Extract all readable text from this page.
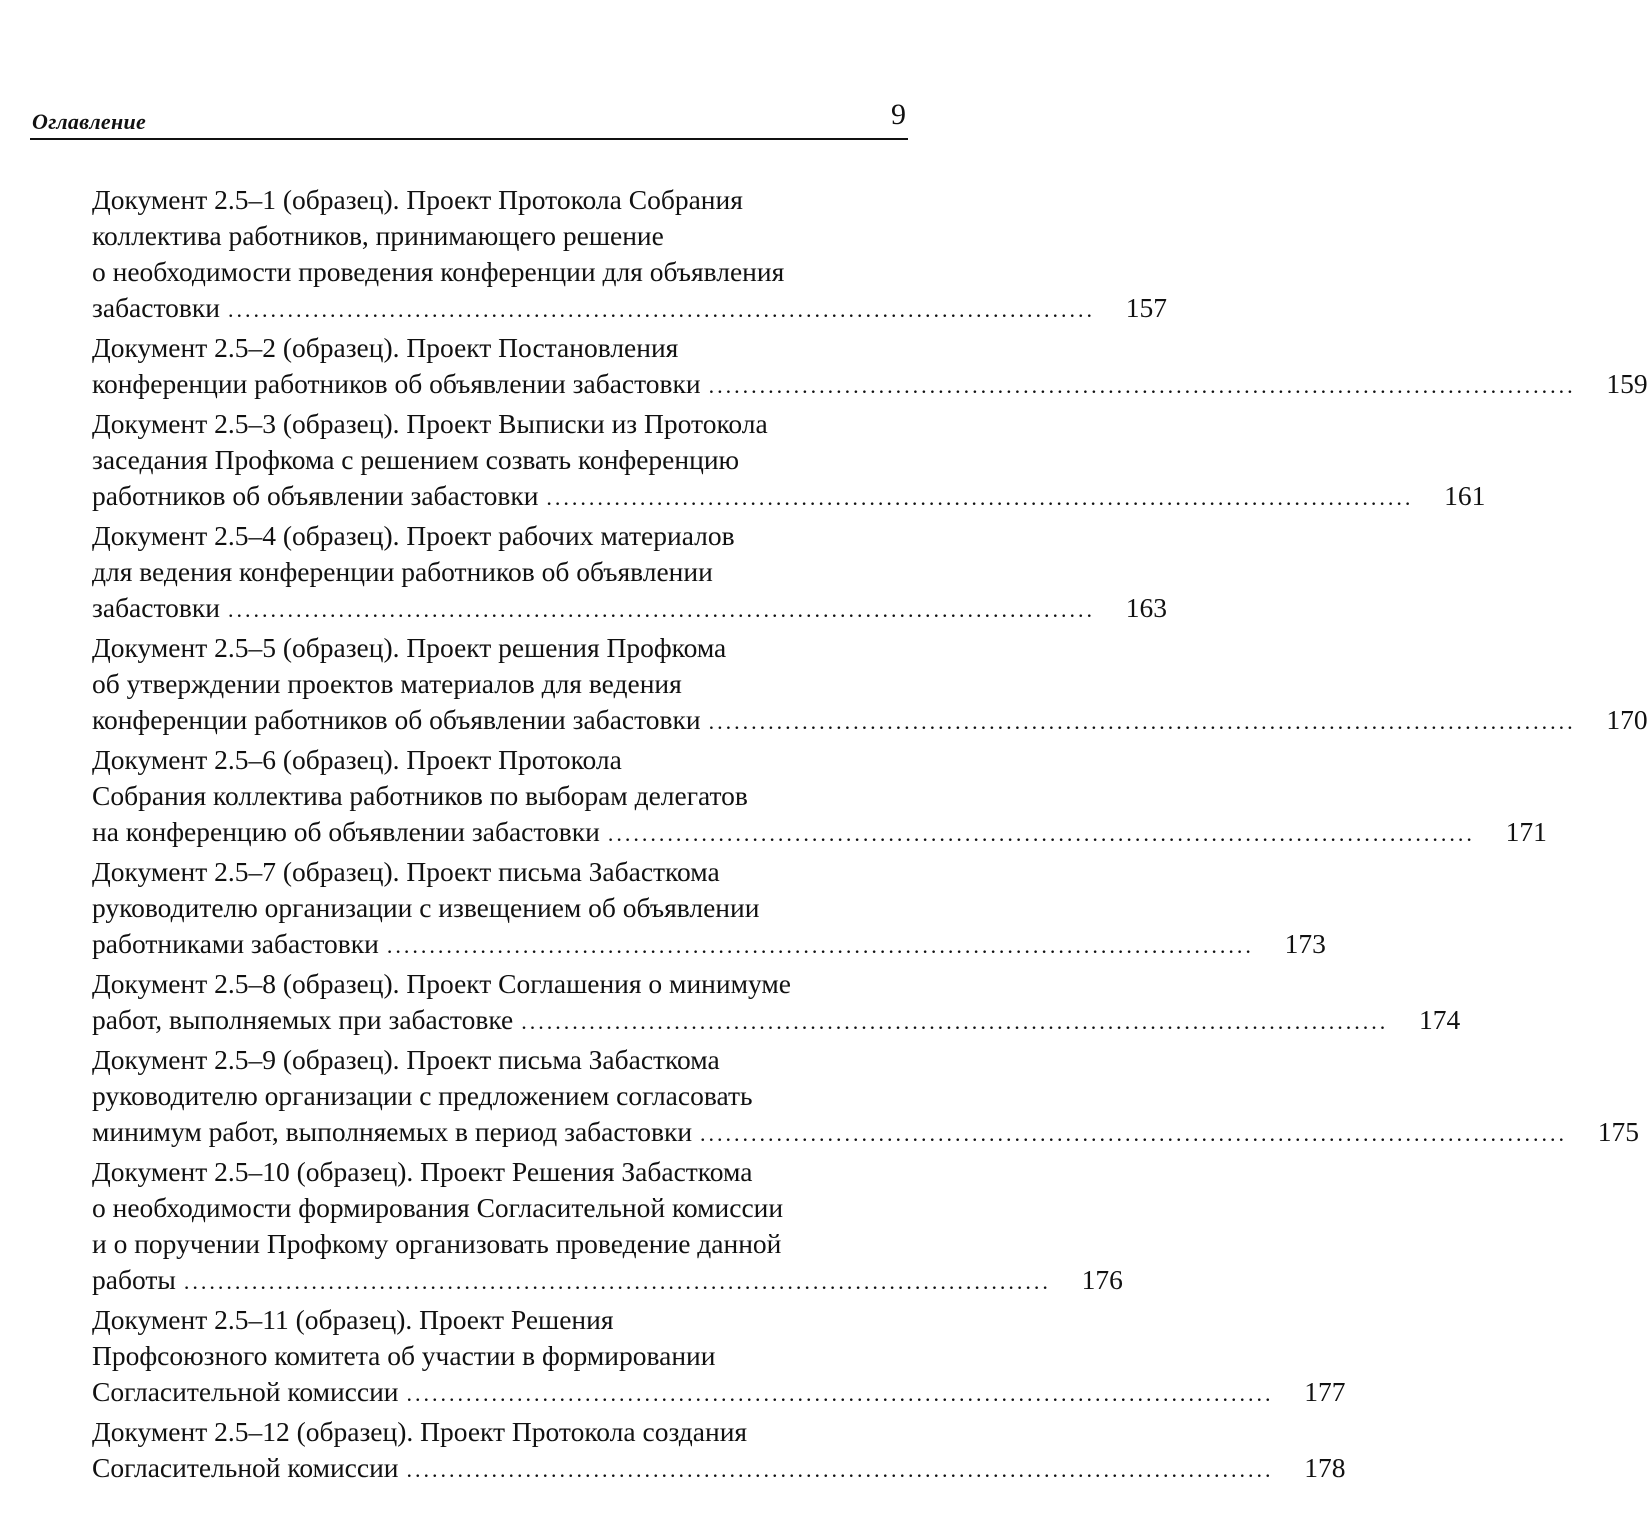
Оглавление	9
Документ 2.5–1 (образец). Проект Протокола Собрания
коллектива работников, принимающего решение
о необходимости проведения конференции для объявления
забастовки ......................................................................................................	157
Документ 2.5–2 (образец). Проект Постановления
конференции работников об объявлении забастовки ......................................................................................................	159
Документ 2.5–3 (образец). Проект Выписки из Протокола
заседания Профкома с решением созвать конференцию
работников об объявлении забастовки ......................................................................................................	161
Документ 2.5–4 (образец). Проект рабочих материалов
для ведения конференции работников об объявлении
забастовки ......................................................................................................	163
Документ 2.5–5 (образец). Проект решения Профкома
об утверждении проектов материалов для ведения
конференции работников об объявлении забастовки ......................................................................................................	170
Документ 2.5–6 (образец). Проект Протокола
Собрания коллектива работников по выборам делегатов
на конференцию об объявлении забастовки ......................................................................................................	171
Документ 2.5–7 (образец). Проект письма Забасткома
руководителю организации с извещением об объявлении
работниками забастовки ......................................................................................................	173
Документ 2.5–8 (образец). Проект Соглашения о минимуме
работ, выполняемых при забастовке ......................................................................................................	174
Документ 2.5–9 (образец). Проект письма Забасткома
руководителю организации с предложением согласовать
минимум работ, выполняемых в период забастовки ......................................................................................................	175
Документ 2.5–10 (образец). Проект Решения Забасткома
о необходимости формирования Согласительной комиссии
и о поручении Профкому организовать проведение данной
работы ......................................................................................................	176
Документ 2.5–11 (образец). Проект Решения
Профсоюзного комитета об участии в формировании
Согласительной комиссии ......................................................................................................	177
Документ 2.5–12 (образец). Проект Протокола создания
Согласительной комиссии ......................................................................................................	178
